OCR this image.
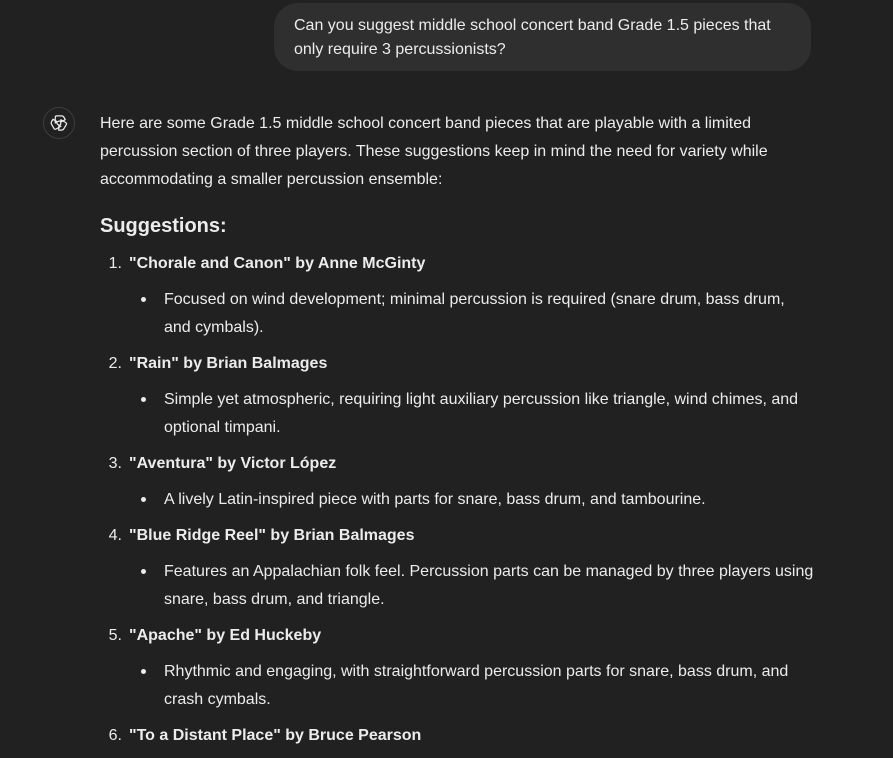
Can you suggest middle school concert band Grade 1.5 pieces that only require 3 percussionists?

Here are some Grade 1.5 middle school concert band pieces that are playable with a limited percussion section of three players. These suggestions keep in mind the need for variety while accommodating a smaller percussion ensemble:

Suggestions:
1. "Chorale and Canon" by Anne McGinty
Focused on wind development; minimal percussion is required (snare drum, bass drum, and cymbals).
2. "Rain" by Brian Balmages
Simple yet atmospheric, requiring light auxiliary percussion like triangle, wind chimes, and optional timpani.
3. "Aventura" by Victor López
A lively Latin-inspired piece with parts for snare, bass drum, and tambourine.
4. "Blue Ridge Reel" by Brian Balmages
Features an Appalachian folk feel. Percussion parts can be managed by three players using snare, bass drum, and triangle.
5. "Apache" by Ed Huckeby
Rhythmic and engaging, with straightforward percussion parts for snare, bass drum, and crash cymbals.
6. "To a Distant Place" by Bruce Pearson
